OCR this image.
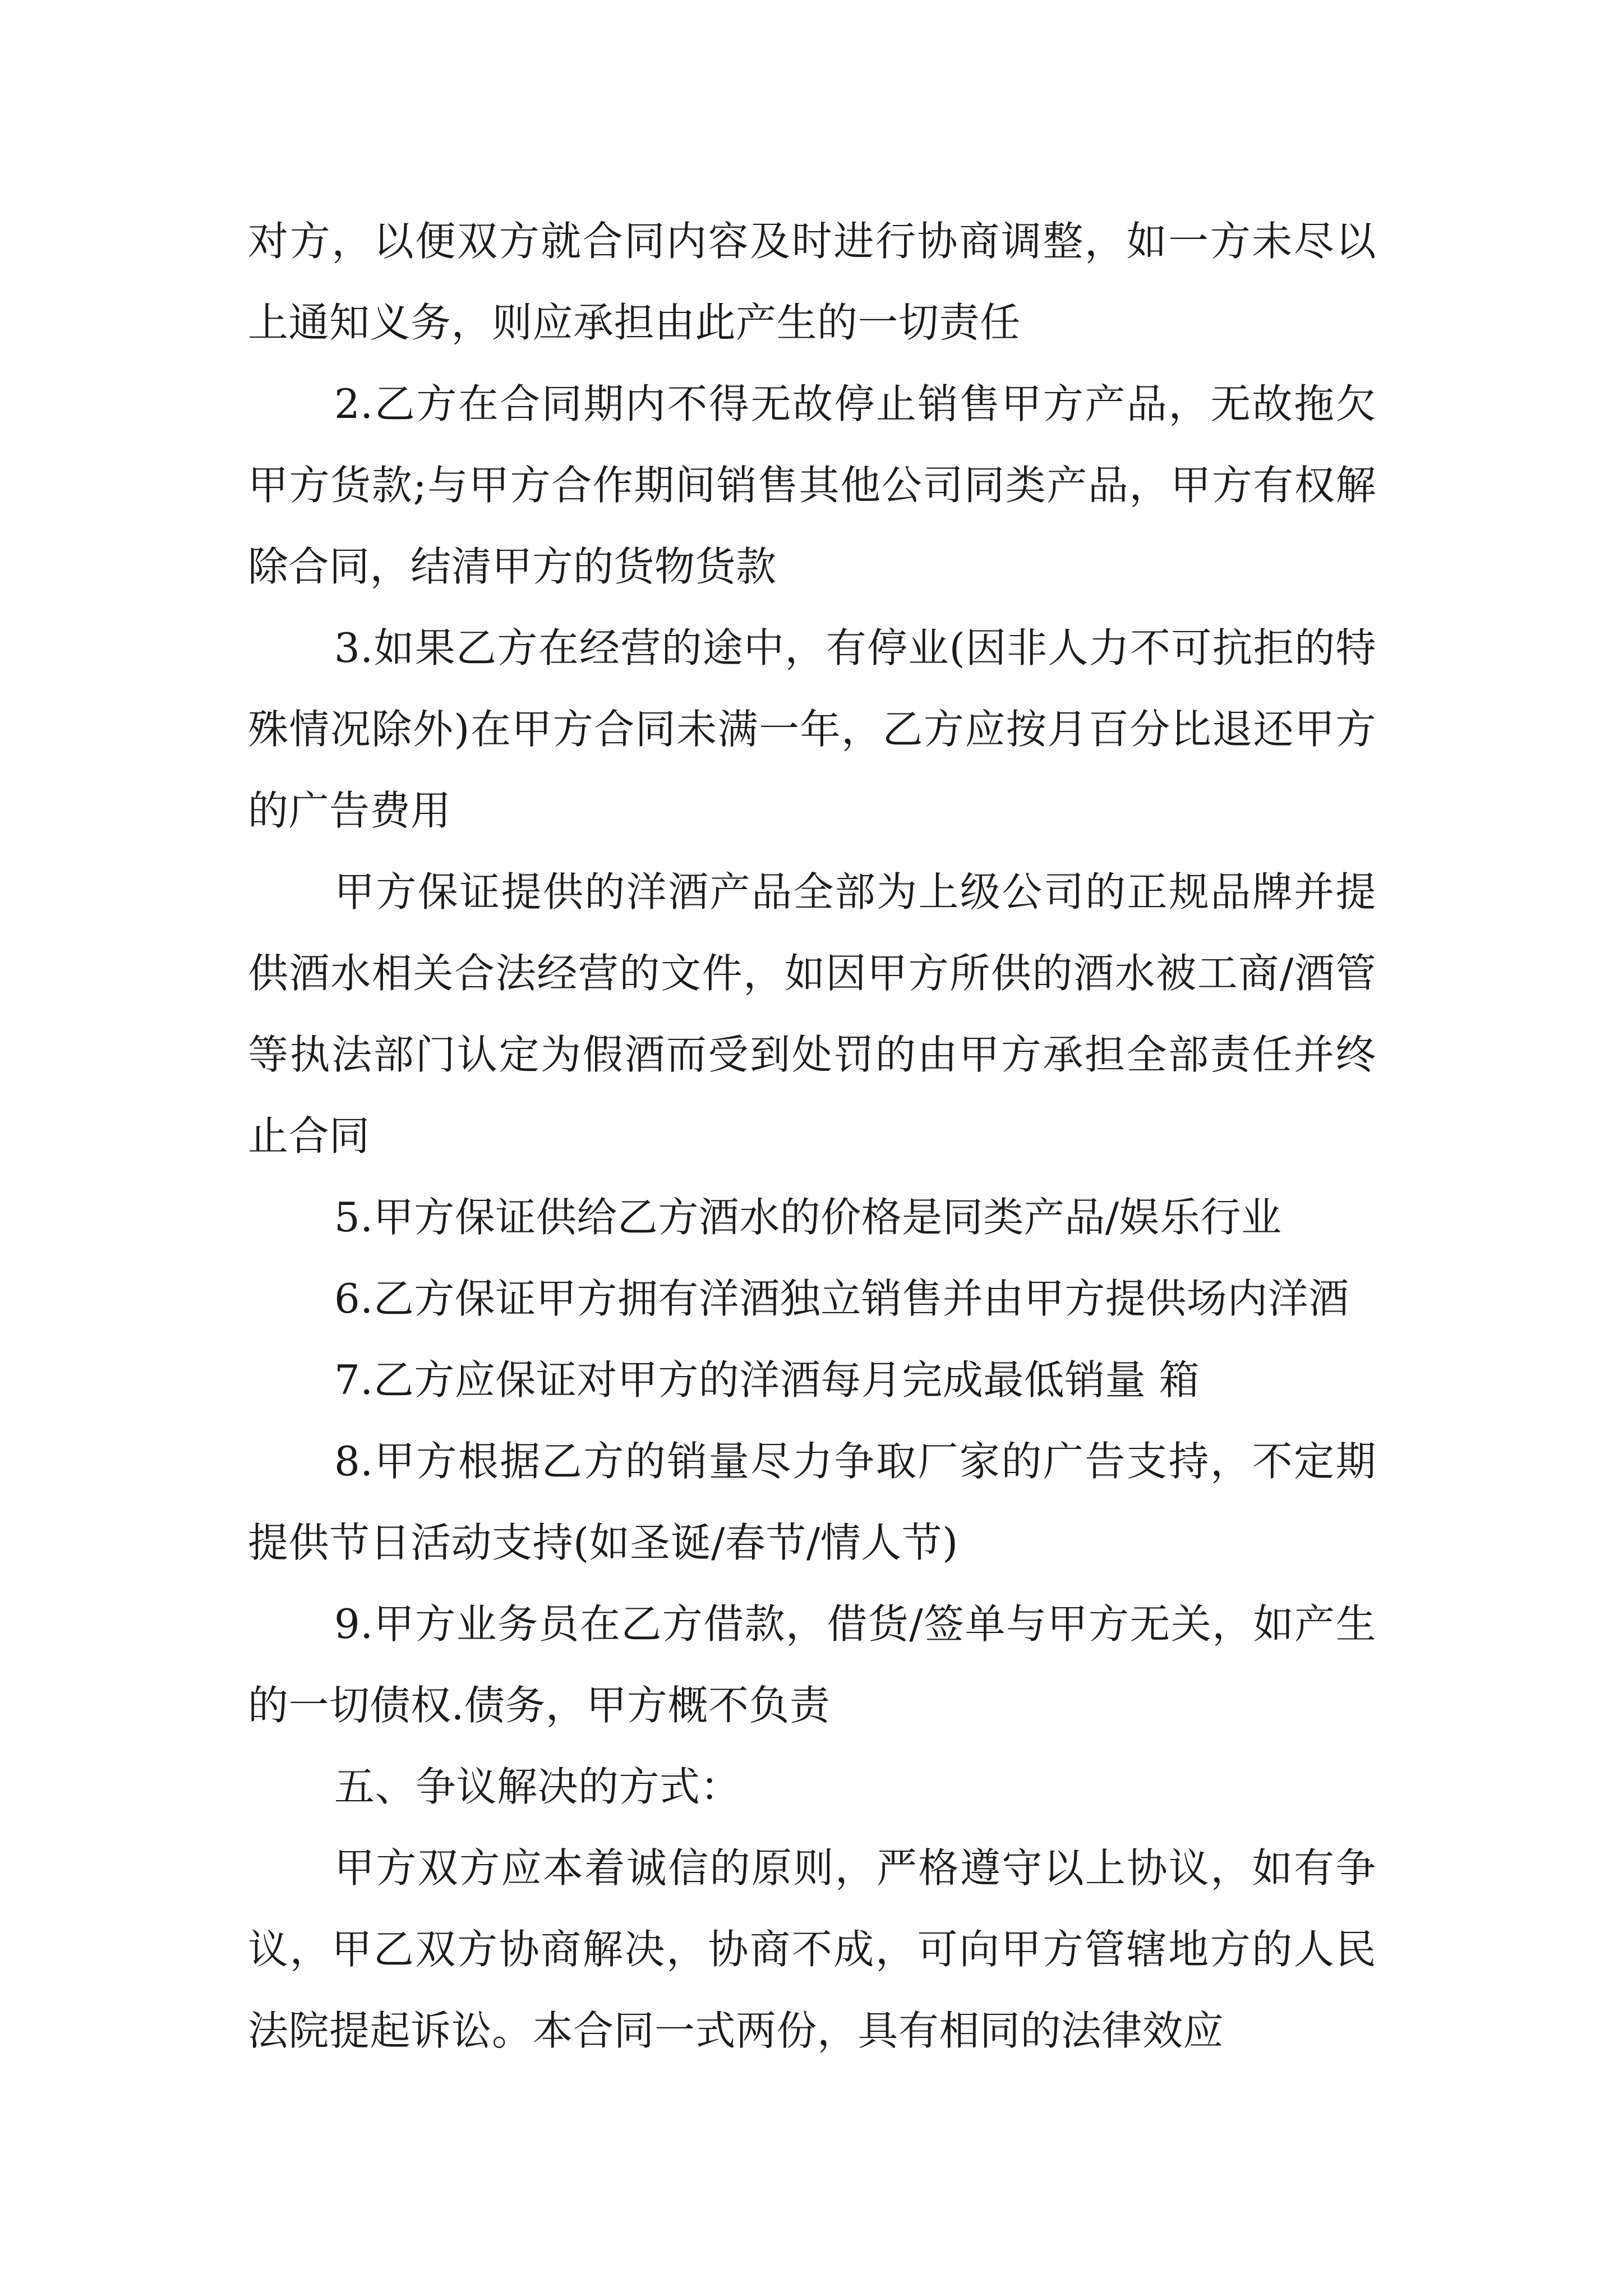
对方，以便双方就合同内容及时进行协商调整，如一方未尽以上通知义务，则应承担由此产生的一切责任

2.乙方在合同期内不得无故停止销售甲方产品，无故拖欠甲方货款;与甲方合作期间销售其他公司同类产品，甲方有权解除合同，结清甲方的货物货款

3.如果乙方在经营的途中，有停业(因非人力不可抗拒的特殊情况除外)在甲方合同未满一年，乙方应按月百分比退还甲方的广告费用

甲方保证提供的洋酒产品全部为上级公司的正规品牌并提供酒水相关合法经营的文件，如因甲方所供的酒水被工商/酒管等执法部门认定为假酒而受到处罚的由甲方承担全部责任并终止合同

5.甲方保证供给乙方酒水的价格是同类产品/娱乐行业

6.乙方保证甲方拥有洋酒独立销售并由甲方提供场内洋酒

7.乙方应保证对甲方的洋酒每月完成最低销量 箱

8.甲方根据乙方的销量尽力争取厂家的广告支持，不定期提供节日活动支持(如圣诞/春节/情人节)

9.甲方业务员在乙方借款，借货/签单与甲方无关，如产生的一切债权.债务，甲方概不负责

五、争议解决的方式：

甲方双方应本着诚信的原则，严格遵守以上协议，如有争议，甲乙双方协商解决，协商不成，可向甲方管辖地方的人民法院提起诉讼。本合同一式两份，具有相同的法律效应
